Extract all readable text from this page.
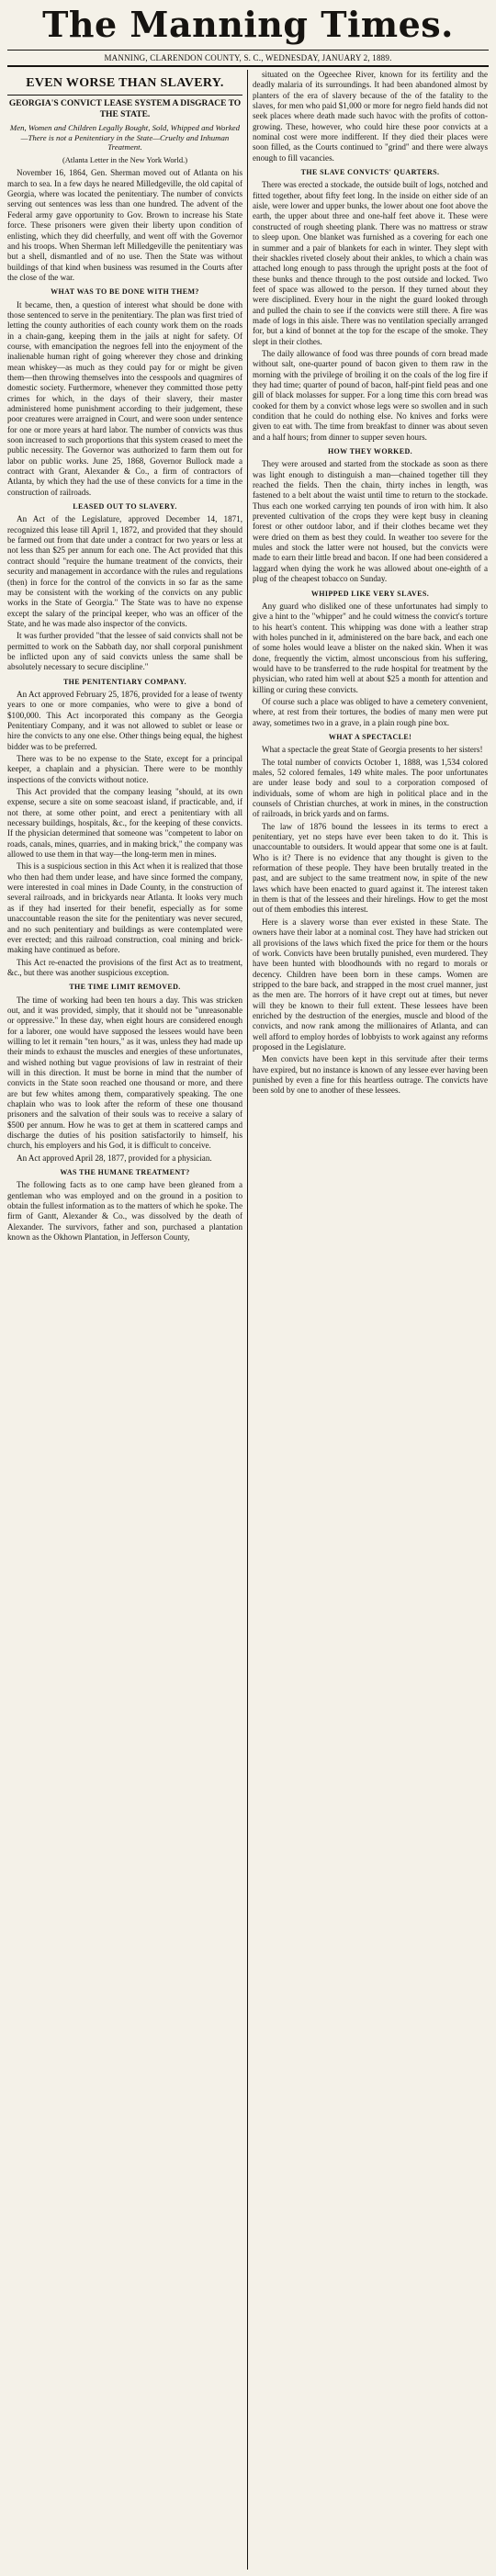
The Manning Times.
MANNING, CLARENDON COUNTY, S. C., WEDNESDAY, JANUARY 2, 1889.
EVEN WORSE THAN SLAVERY.
GEORGIA'S CONVICT LEASE SYSTEM A DISGRACE TO THE STATE.
Men, Women and Children Legally Bought, Sold, Whipped and Worked—There is not a Penitentiary in the State—Cruelty and Inhuman Treatment.
(Atlanta Letter in the New York World.)

November 16, 1864, Gen. Sherman moved out of Atlanta on his march to sea. In a few days he neared Milledgeville, the old capital of Georgia, where was located the penitentiary. The number of convicts serving out sentences was less than one hundred. The advent of the Federal army gave opportunity to Gov. Brown to increase his State force. These prisoners were given their liberty upon condition of enlisting, which they did cheerfully, and went off with the Governor and his troops. When Sherman left Milledgeville the penitentiary was but a shell, dismantled and of no use. Then the State was without buildings of that kind when business was resumed in the Courts after the close of the war.

WHAT WAS TO BE DONE WITH THEM?

It became, then, a question of interest what should be done with those sentenced to serve in the penitentiary. The plan was first tried of letting the county authorities of each county work them on the roads in a chain-gang, keeping them in the jails at night for safety. Of course, with emancipation the negroes fell into the enjoyment of the inalienable human right of going wherever they chose and drinking mean whiskey—as much as they could pay for or might be given them—then throwing themselves into the cesspools and quagmires of domestic society. Furthermore, whenever they committed those petty crimes for which, in the days of their slavery, their master administered home punishment according to their judgement, these poor creatures were arraigned in Court, and were soon under sentence for one or more years at hard labor. The number of convicts was thus soon increased to such proportions that this system ceased to meet the public necessity. The Governor was authorized to farm them out for labor on public works. June 25, 1868, Governor Bullock made a contract with Grant, Alexander & Co., a firm of contractors of Atlanta, by which they had the use of these convicts for a time in the construction of railroads.

LEASED OUT TO SLAVERY.

An Act of the Legislature, approved December 14, 1871, recognized this lease till April 1, 1872, and provided that they should be farmed out from that date under a contract for two years or less at not less than $25 per annum for each one. The Act provided that this contract should "require the humane treatment of the convicts, their security and management in accordance with the rules and regulations (then) in force for the control of the convicts in so far as the same may be consistent with the working of the convicts on any public works in the State of Georgia." The State was to have no expense except the salary of the principal keeper, who was an officer of the State, and he was made also inspector of the convicts.

It was further provided "that the lessee of said convicts shall not be permitted to work on the Sabbath day, nor shall corporal punishment be inflicted upon any of said convicts unless the same shall be absolutely necessary to secure discipline."

THE PENITENTIARY COMPANY.

An Act approved February 25, 1876, provided for a lease of twenty years to one or more companies, who were to give a bond of $100,000. This Act incorporated this company as the Georgia Penitentiary Company, and it was not allowed to sublet or lease or hire the convicts to any one else. Other things being equal, the highest bidder was to be preferred.

There was to be no expense to the State, except for a principal keeper, a chaplain and a physician. There were to be monthly inspections of the convicts without notice.

This Act provided that the company leasing "should, at its own expense, secure a site on some seacoast island, if practicable, and, if not there, at some other point, and erect a penitentiary with all necessary buildings, hospitals, &c., for the keeping of these convicts. If the physician determined that someone was "competent to labor on roads, canals, mines, quarries, and in making brick," the company was allowed to use them in that way—the long-term men in mines.

This is a suspicious section in this Act when it is realized that those who then had them under lease, and have since formed the company, were interested in coal mines in Dade County, in the construction of several railroads, and in brickyards near Atlanta. It looks very much as if they had inserted for their benefit, especially as for some unaccountable reason the site for the penitentiary was never secured, and no such penitentiary and buildings as were contemplated were ever erected; and this railroad construction, coal mining and brick-making have continued as before.

This Act re-enacted the provisions of the first Act as to treatment, &c., but there was another suspicious exception.

THE TIME LIMIT REMOVED.

The time of working had been ten hours a day. This was stricken out, and it was provided, simply, that it should not be "unreasonable or oppressive." In these day, when eight hours are considered enough for a laborer, one would have supposed the lessees would have been willing to let it remain "ten hours," as it was, unless they had made up their minds to exhaust the muscles and energies of these unfortunates, and wished nothing but vague provisions of law in restraint of their will in this direction. It must be borne in mind that the number of convicts in the State soon reached one thousand or more, and there are but few whites among them, comparatively speaking. The one chaplain who was to look after the reform of these one thousand prisoners and the salvation of their souls was to receive a salary of $500 per annum. How he was to get at them in scattered camps and discharge the duties of his position satisfactorily to himself, his church, his employers and his God, it is difficult to conceive.

An Act approved April 28, 1877, provided for a physician.

WAS THE HUMANE TREATMENT?

The following facts as to one camp have been gleaned from a gentleman who was employed and on the ground in a position to obtain the fullest information as to the matters of which he spoke. The firm of Gantt, Alexander & Co., was dissolved by the death of Alexander. The survivors, father and son, purchased a plantation known as the Okhown Plantation, in Jefferson County,

situated on the Ogeechee River, known for its fertility and the deadly malaria of its surroundings. It had been abandoned almost by planters of the era of slavery because of the of the fatality to the slaves, for men who paid $1,000 or more for negro field hands did not seek places where death made such havoc with the profits of cotton-growing. These, however, who could hire these poor convicts at a nominal cost were more indifferent. If they died their places were soon filled, as the Courts continued to "grind" and there were always enough to fill vacancies.

THE SLAVE CONVICTS' QUARTERS.

There was erected a stockade, the outside built of logs, notched and fitted together, about fifty feet long. In the inside on either side of an aisle, were lower and upper bunks, the lower about one foot above the earth, the upper about three and one-half feet above it. These were constructed of rough sheeting plank. There was no mattress or straw to sleep upon. One blanket was furnished as a covering for each one in summer and a pair of blankets for each in winter. They slept with their shackles riveted closely about their ankles, to which a chain was attached long enough to pass through the upright posts at the foot of these bunks and thence through to the post outside and locked. Two feet of space was allowed to the person. If they turned about they were disciplined. Every hour in the night the guard looked through and pulled the chain to see if the convicts were still there. A fire was made of logs in this aisle. There was no ventilation specially arranged for, but a kind of bonnet at the top for the escape of the smoke. They slept in their clothes.

The daily allowance of food was three pounds of corn bread made without salt, one-quarter pound of bacon given to them raw in the morning with the privilege of broiling it on the coals of the log fire if they had time; quarter of pound of bacon, half-pint field peas and one gill of black molasses for supper. For a long time this corn bread was cooked for them by a convict whose legs were so swollen and in such condition that he could do nothing else. No knives and forks were given to eat with. The time from breakfast to dinner was about seven and a half hours; from dinner to supper seven hours.

HOW THEY WORKED.

They were aroused and started from the stockade as soon as there was light enough to distinguish a man—chained together till they reached the fields. Then the chain, thirty inches in length, was fastened to a belt about the waist until time to return to the stockade. Thus each one worked carrying ten pounds of iron with him. It also prevented cultivation of the crops they were kept busy in cleaning forest or other outdoor labor, and if their clothes became wet they were dried on them as best they could. In weather too severe for the mules and stock the latter were not housed, but the convicts were made to earn their little bread and bacon. If one had been considered a laggard when dying the work he was allowed about one-eighth of a plug of the cheapest tobacco on Sunday.

WHIPPED LIKE VERY SLAVES.

Any guard who disliked one of these unfortunates had simply to give a hint to the "whipper" and he could witness the convict's torture to his heart's content. This whipping was done with a leather strap with holes punched in it, administered on the bare back, and each one of some holes would leave a blister on the naked skin. When it was done, frequently the victim, almost unconscious from his suffering, would have to be transferred to the rude hospital for treatment by the physician, who rated him well at about $25 a month for attention and killing or curing these convicts.

Of course such a place was obliged to have a cemetery convenient, where, at rest from their tortures, the bodies of many men were put away, sometimes two in a grave, in a plain rough pine box.

WHAT A SPECTACLE!

What a spectacle the great State of Georgia presents to her sisters!

The total number of convicts October 1, 1888, was 1,534 colored males, 52 colored females, 149 white males. The poor unfortunates are under lease body and soul to a corporation composed of individuals, some of whom are high in political place and in the counsels of Christian churches, at work in mines, in the construction of railroads, in brick yards and on farms.

The law of 1876 bound the lessees in its terms to erect a penitentiary, yet no steps have ever been taken to do it. This is unaccountable to outsiders. It would appear that some one is at fault. Who is it? There is no evidence that any thought is given to the reformation of these people. They have been brutally treated in the past, and are subject to the same treatment now, in spite of the new laws which have been enacted to guard against it. The interest taken in them is that of the lessees and their hirelings. How to get the most out of them embodies this interest.

Here is a slavery worse than ever existed in these State. The owners have their labor at a nominal cost. They have had stricken out all provisions of the laws which fixed the price for them or the hours of work. Convicts have been brutally punished, even murdered. They have been hunted with bloodhounds with no regard to morals or decency. Children have been born in these camps. Women are stripped to the bare back, and strapped in the most cruel manner, just as the men are. The horrors of it have crept out at times, but never will they be known to their full extent. These lessees have been enriched by the destruction of the energies, muscle and blood of the convicts, and now rank among the millionaires of Atlanta, and can well afford to employ hordes of lobbyists to work against any reforms proposed in the Legislature.

Men convicts have been kept in this servitude after their terms have expired, but no instance is known of any lessee ever having been punished by even a fine for this heartless outrage. The convicts have been sold by one to another of these lessees.
